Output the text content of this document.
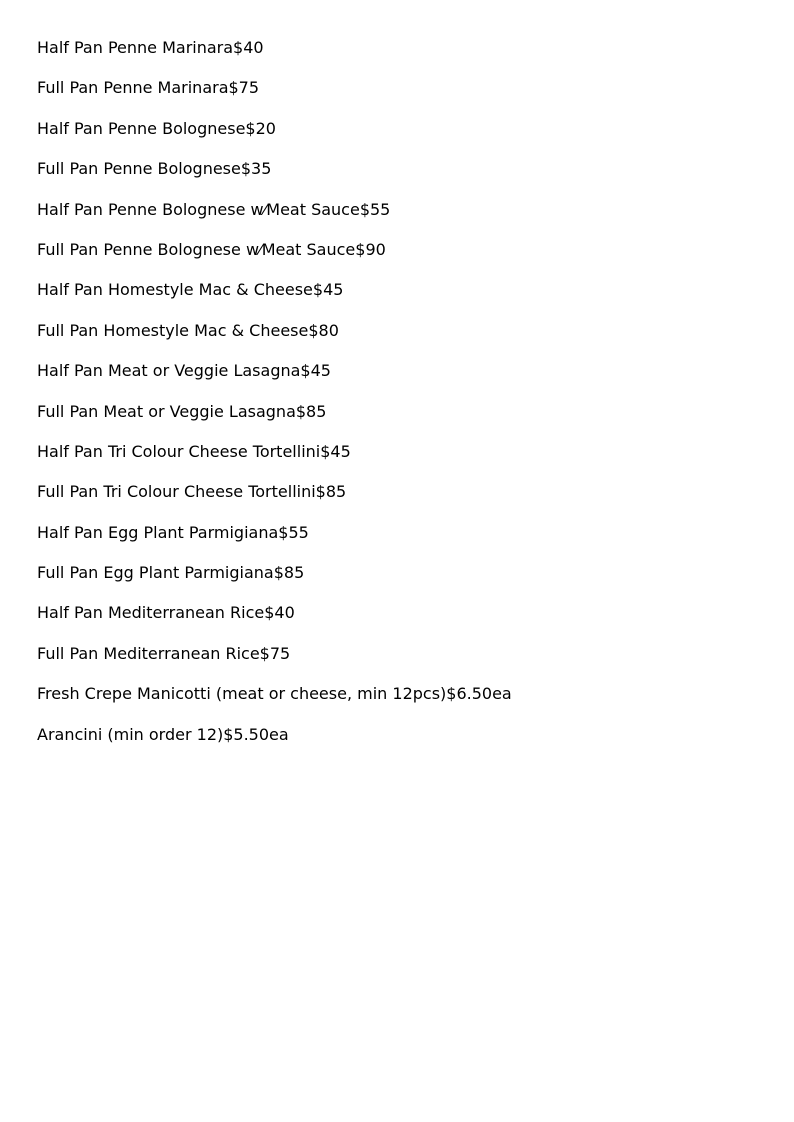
Half Pan Penne Marinara$40
Full Pan Penne Marinara$75
Half Pan Penne Bolognese$20
Full Pan Penne Bolognese$35
Half Pan Penne Bolognese w⁄Meat Sauce$55
Full Pan Penne Bolognese w⁄Meat Sauce$90
Half Pan Homestyle Mac & Cheese$45
Full Pan Homestyle Mac & Cheese$80
Half Pan Meat or Veggie Lasagna$45
Full Pan Meat or Veggie Lasagna$85
Half Pan Tri Colour Cheese Tortellini$45
Full Pan Tri Colour Cheese Tortellini$85
Half Pan Egg Plant Parmigiana$55
Full Pan Egg Plant Parmigiana$85
Half Pan Mediterranean Rice$40
Full Pan Mediterranean Rice$75
Fresh Crepe Manicotti (meat or cheese, min 12pcs)$6.50ea
Arancini (min order 12)$5.50ea
